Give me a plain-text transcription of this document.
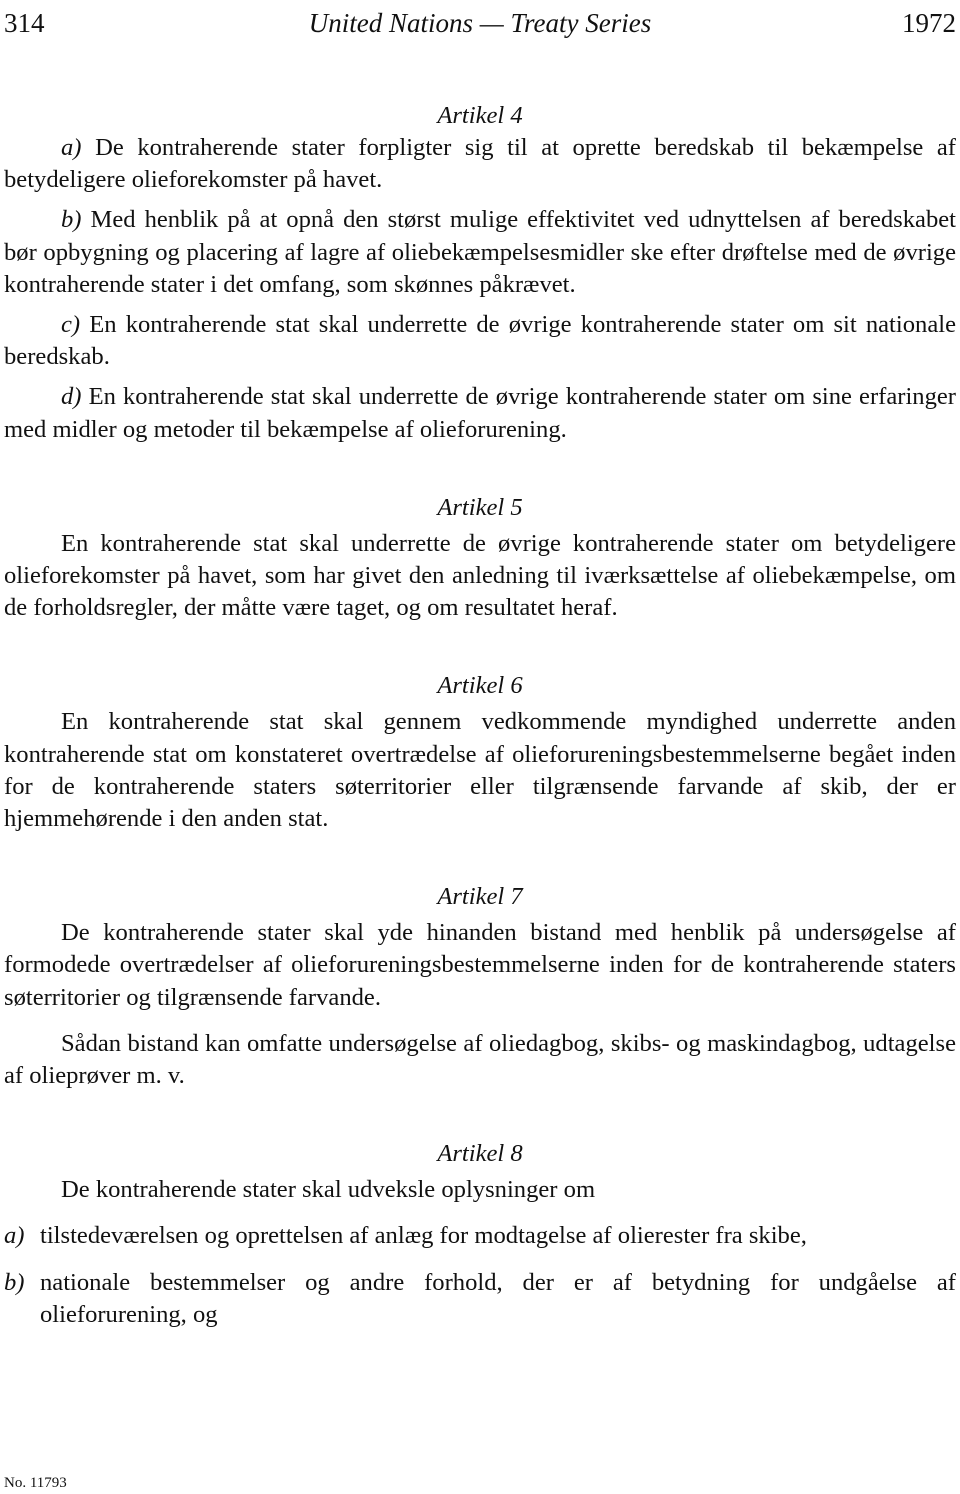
314	United Nations — Treaty Series	1972
Artikel 4

a) De kontraherende stater forpligter sig til at oprette beredskab til bekæmpelse af betydeligere olieforekomster på havet.

b) Med henblik på at opnå den størst mulige effektivitet ved udnyttelsen af beredskabet bør opbygning og placering af lagre af oliebekæmpelsesmidler ske efter drøftelse med de øvrige kontraherende stater i det omfang, som skønnes påkrævet.

c) En kontraherende stat skal underrette de øvrige kontraherende stater om sit nationale beredskab.

d) En kontraherende stat skal underrette de øvrige kontraherende stater om sine erfaringer med midler og metoder til bekæmpelse af olieforurening.

Artikel 5

En kontraherende stat skal underrette de øvrige kontraherende stater om betydeligere olieforekomster på havet, som har givet den anledning til iværksættelse af oliebekæmpelse, om de forholdsregler, der måtte være taget, og om resultatet heraf.

Artikel 6

En kontraherende stat skal gennem vedkommende myndighed underrette anden kontraherende stat om konstateret overtrædelse af olieforureningsbestemmelserne begået inden for de kontraherende staters søterritorier eller tilgrænsende farvande af skib, der er hjemmehørende i den anden stat.

Artikel 7

De kontraherende stater skal yde hinanden bistand med henblik på undersøgelse af formodede overtrædelser af olieforureningsbestemmelserne inden for de kontraherende staters søterritorier og tilgrænsende farvande.

Sådan bistand kan omfatte undersøgelse af oliedagbog, skibs- og maskindagbog, udtagelse af olieprøver m. v.

Artikel 8

De kontraherende stater skal udveksle oplysninger om

a) tilstedeværelsen og oprettelsen af anlæg for modtagelse af olierester fra skibe,
b) nationale bestemmelser og andre forhold, der er af betydning for undgåelse af olieforurening, og
No. 11793
